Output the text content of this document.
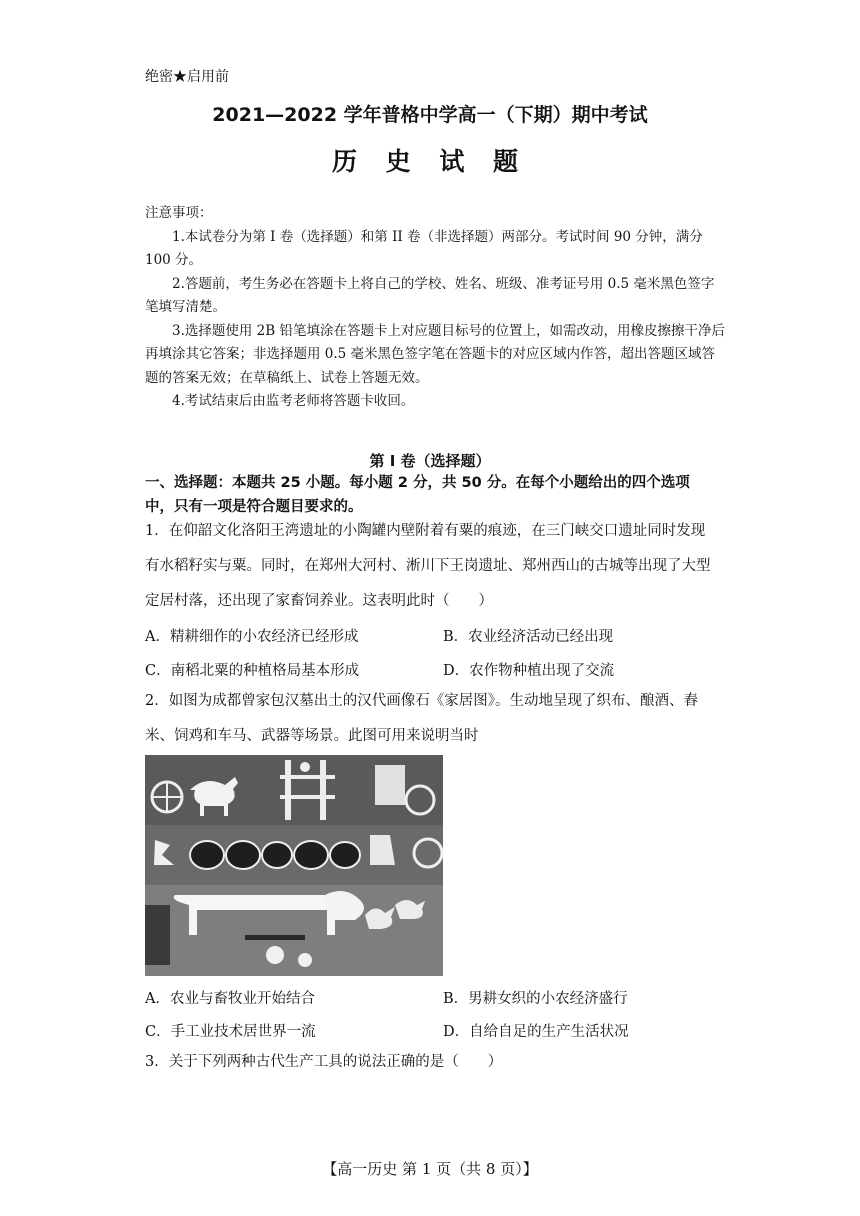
绝密★启用前
2021—2022 学年普格中学高一（下期）期中考试
历 史 试 题

注意事项：

1.本试卷分为第 I 卷（选择题）和第 II 卷（非选择题）两部分。考试时间 90 分钟，满分 100 分。

2.答题前，考生务必在答题卡上将自己的学校、姓名、班级、准考证号用 0.5 毫米黑色签字笔填写清楚。

3.选择题使用 2B 铅笔填涂在答题卡上对应题目标号的位置上，如需改动，用橡皮擦擦干净后再填涂其它答案；非选择题用 0.5 毫米黑色签字笔在答题卡的对应区域内作答，超出答题区域答题的答案无效；在草稿纸上、试卷上答题无效。

4.考试结束后由监考老师将答题卡收回。

第 I 卷（选择题）
一、选择题：本题共 25 小题。每小题 2 分，共 50 分。在每个小题给出的四个选项中，只有一项是符合题目要求的。
1．在仰韶文化洛阳王湾遗址的小陶罐内壁附着有粟的痕迹，在三门峡交口遗址同时发现有水稻籽实与粟。同时，在郑州大河村、淅川下王岗遗址、郑州西山的古城等出现了大型定居村落，还出现了家畜饲养业。这表明此时（　　）
A．精耕细作的小农经济已经形成	B．农业经济活动已经出现
C．南稻北粟的种植格局基本形成	D．农作物种植出现了交流
2．如图为成都曾家包汉墓出土的汉代画像石《家居图》。生动地呈现了织布、酿酒、舂米、饲鸡和车马、武器等场景。此图可用来说明当时
A．农业与畜牧业开始结合	B．男耕女织的小农经济盛行
C．手工业技术居世界一流	D．自给自足的生产生活状况
3．关于下列两种古代生产工具的说法正确的是（　　）
【高一历史 第 1 页（共 8 页）】
